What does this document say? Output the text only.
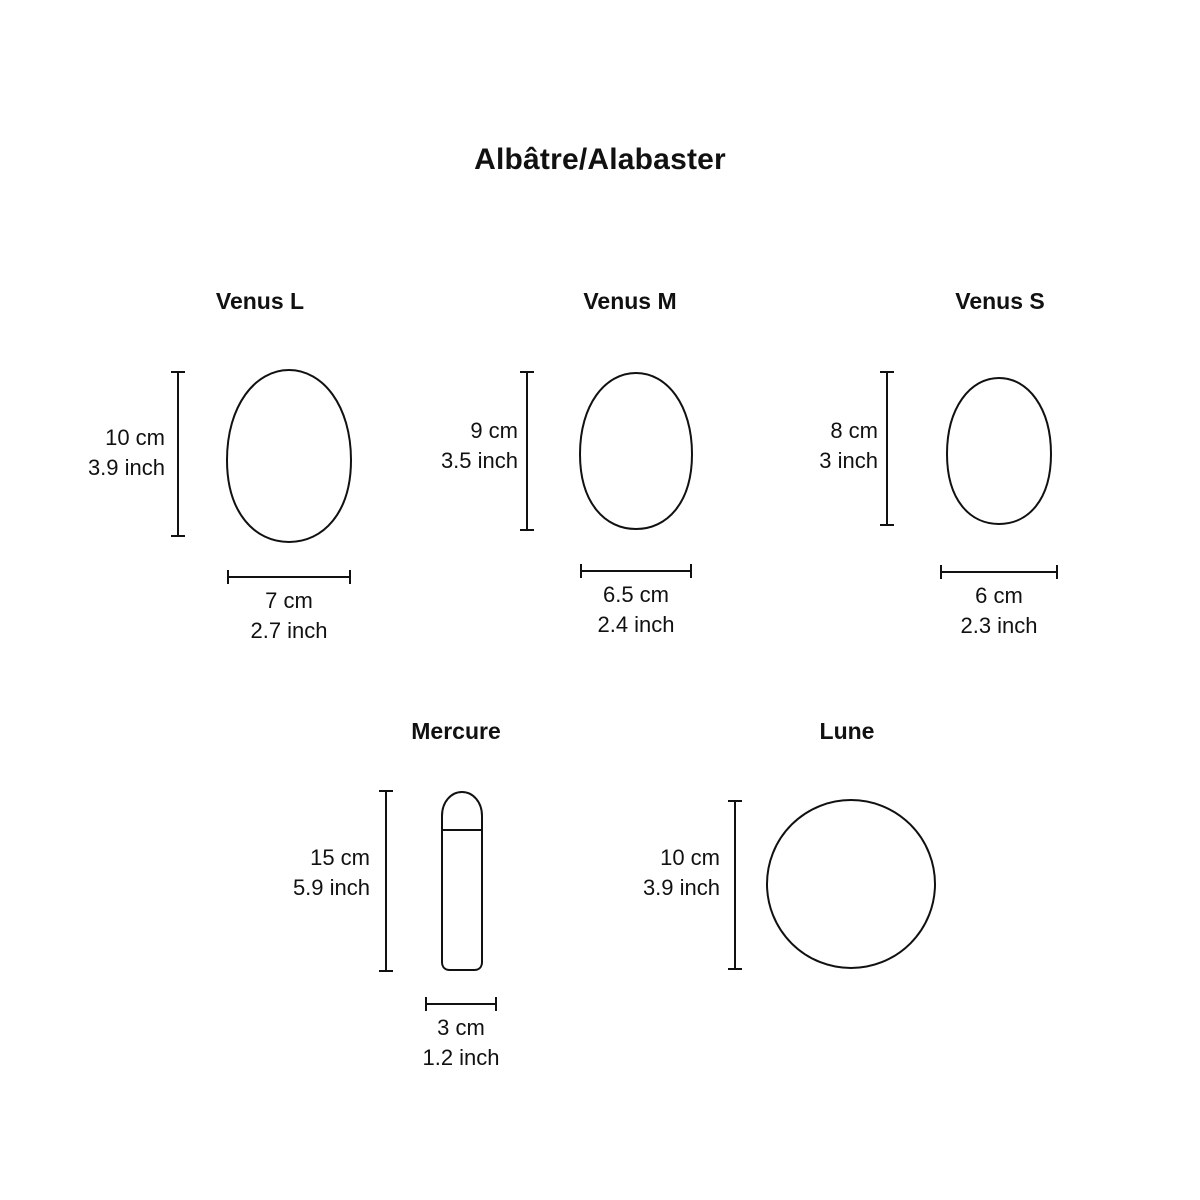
Albâtre/Alabaster
Venus L
10 cm
3.9 inch
7 cm
2.7 inch
Venus M
9 cm
3.5 inch
6.5 cm
2.4 inch
Venus S
8 cm
3 inch
6 cm
2.3 inch
Mercure
15 cm
5.9 inch
3 cm
1.2 inch
Lune
10 cm
3.9 inch
